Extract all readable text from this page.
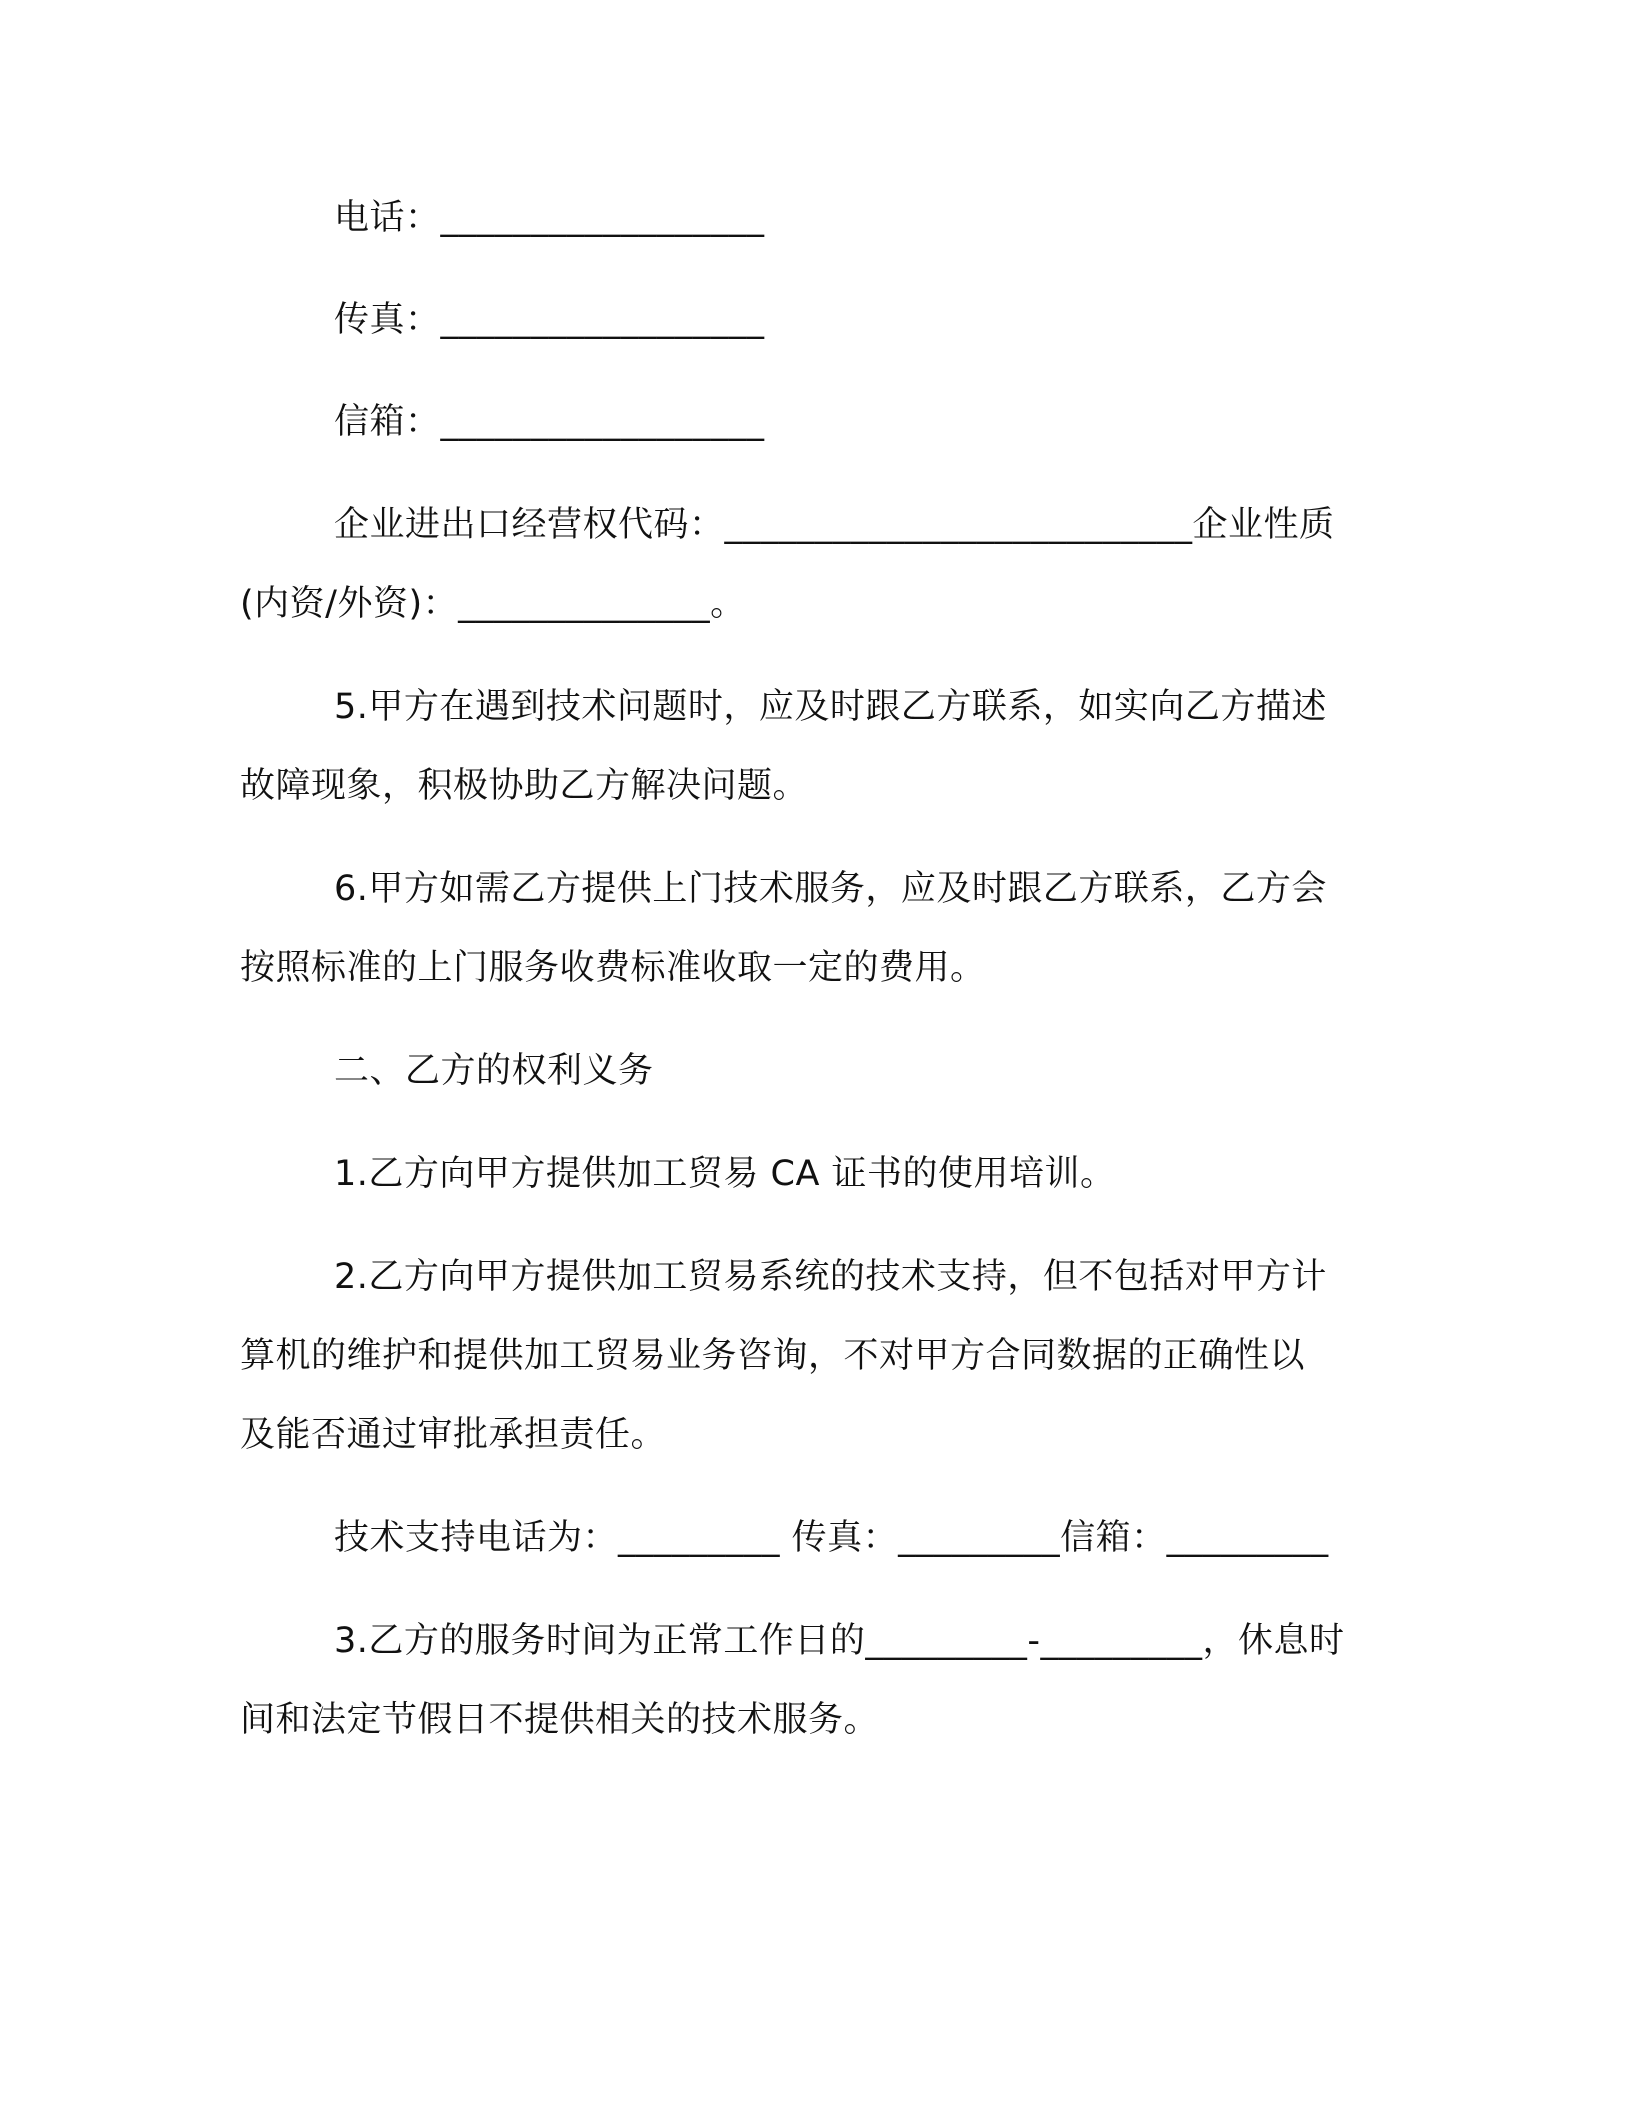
电话：__________________
传真：__________________
信箱：__________________
企业进出口经营权代码：__________________________企业性质
(内资/外资)：______________。
5.甲方在遇到技术问题时，应及时跟乙方联系，如实向乙方描述
故障现象，积极协助乙方解决问题。
6.甲方如需乙方提供上门技术服务，应及时跟乙方联系，乙方会
按照标准的上门服务收费标准收取一定的费用。
二、乙方的权利义务
1.乙方向甲方提供加工贸易 CA 证书的使用培训。
2.乙方向甲方提供加工贸易系统的技术支持，但不包括对甲方计
算机的维护和提供加工贸易业务咨询，不对甲方合同数据的正确性以
及能否通过审批承担责任。
技术支持电话为：_________ 传真：_________信箱：_________
3.乙方的服务时间为正常工作日的_________-_________，休息时
间和法定节假日不提供相关的技术服务。
